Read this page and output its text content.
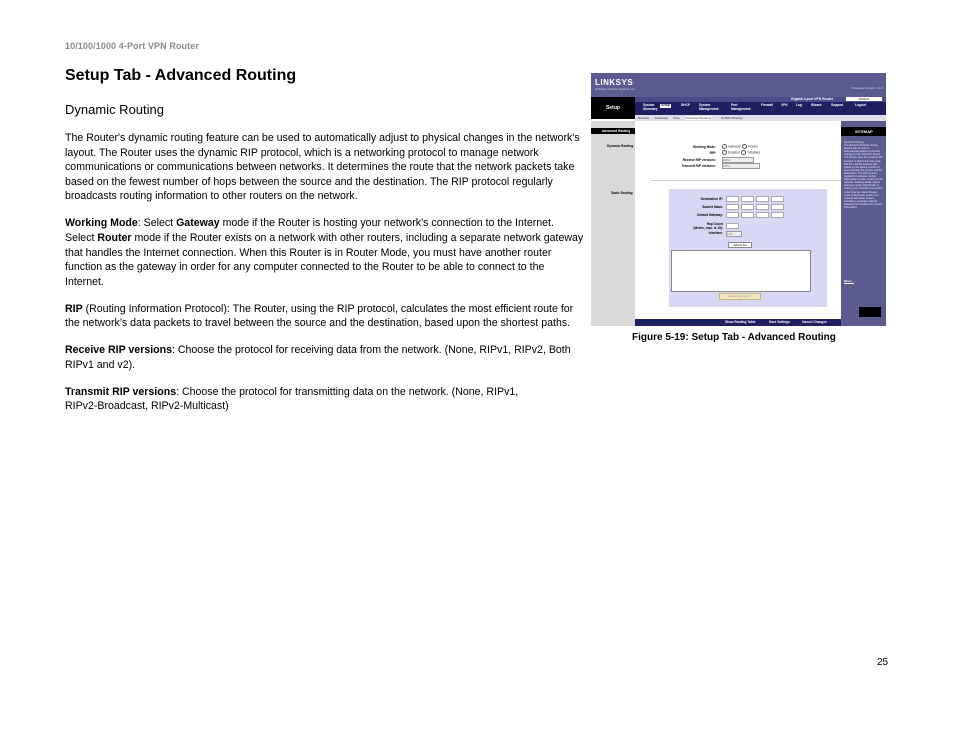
10/100/1000 4-Port VPN Router
Setup Tab - Advanced Routing
Dynamic Routing

The Router's dynamic routing feature can be used to automatically adjust to physical changes in the network's layout. The Router uses the dynamic RIP protocol, which is a networking protocol to manage network communications or communications between networks. It determines the route that the network packets take based on the fewest number of hops between the source and the destination. The RIP protocol regularly broadcasts routing information to other routers on the network.

Working Mode: Select Gateway mode if the Router is hosting your network’s connection to the Internet. Select Router mode if the Router exists on a network with other routers, including a separate network gateway that handles the Internet connection. When this Router is in Router Mode, you must have another router function as the gateway in order for any computer connected to the Router to be able to connect to the Internet.

RIP (Routing Information Protocol): The Router, using the RIP protocol, calculates the most efficient route for the network’s data packets to travel between the source and the destination, based upon the shortest paths.

Receive RIP versions: Choose the protocol for receiving data from the network. (None, RIPv1, RIPv2, Both RIPv1 and v2).

Transmit RIP versions: Choose the protocol for transmitting data on the network. (None, RIPv1,
RIPv2-Broadcast, RIPv2-Multicast)

LINKSYS
A Division of Cisco Systems, Inc.	Firmware Version: 1.1.0
Setup
Gigabit 4-port VPN Router	RV0041
System Summary
Setup	DHCP	System Management
Port Management
Firewall	VPN	Log	Wizard	Support	Logout
Network Password Time Advanced Routing	IP-MAC Binding
Advanced Routing
Dynamic Routing
Static Routing
Working Mode:	Gateway Router
RIP:	Enabled Disabled
Receive RIP versions:	RIPv1
Transmit RIP versions:	RIPv1
Destination IP:
Subnet Mask:
Default Gateway:
Hop Count
(Metric, max. is 15):
Interface:	LAN
Add to list
Delete selected IP
SITEMAP
Dynamic Routing:
The Router's dynamic routing feature can be used to automatically adjust to physical changes in the network's layout. The Router uses the dynamic RIP protocol. It determines the route that the network packets take based on the fewest number of hops between the source and the destination. The RIP protocol regularly broadcasts routing information to other routers on the network. Working Mode: Select Gateway mode if the Router is hosting your network's connection to the Internet. Select Router mode if the Router exists on a network with other routers, including a separate network gateway that handles the Internet connection.
More...
Show Routing Table	Save Settings	Cancel Changes
Figure 5-19: Setup Tab - Advanced Routing
25
